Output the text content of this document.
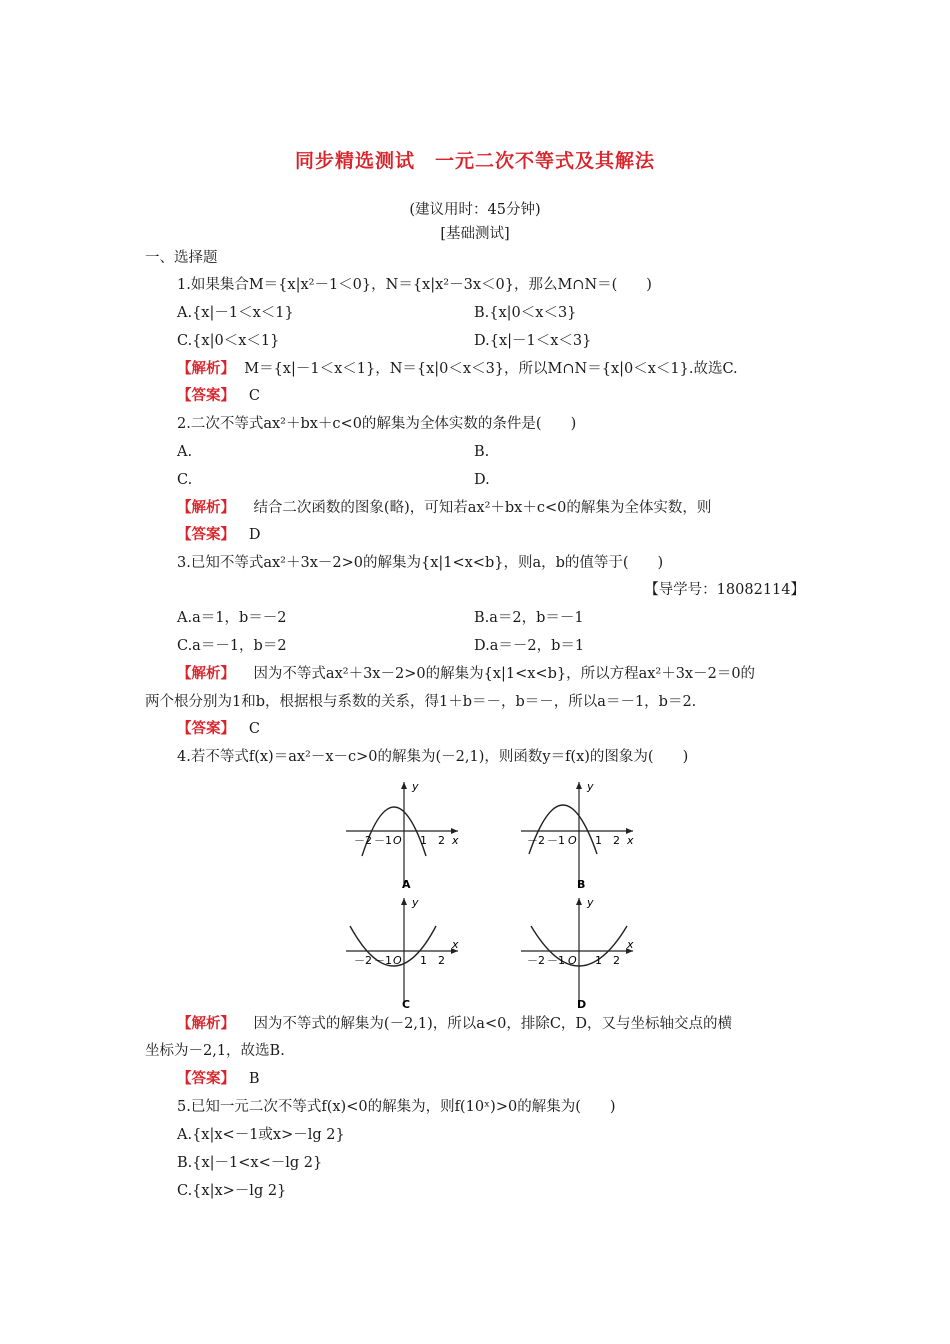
同步精选测试　一元二次不等式及其解法
(建议用时：45分钟)
[基础测试]
一、选择题
1.如果集合M＝{x|x²－1＜0}，N＝{x|x²－3x＜0}，那么M∩N＝(　　)
A.{x|－1＜x＜1}	B.{x|0＜x＜3}
C.{x|0＜x＜1}	D.{x|－1＜x＜3}
【解析】 M＝{x|－1＜x＜1}，N＝{x|0＜x＜3}，所以M∩N＝{x|0＜x＜1}.故选C.
【答案】 C
2.二次不等式ax²＋bx＋c<0的解集为全体实数的条件是(　　)
A.	B.
C.	D.
【解析】 结合二次函数的图象(略)，可知若ax²＋bx＋c<0的解集为全体实数，则
【答案】 D
3.已知不等式ax²＋3x－2>0的解集为{x|1<x<b}，则a，b的值等于(　　)
【导学号：18082114】
A.a＝1，b＝－2	B.a＝2，b＝－1
C.a＝－1，b＝2	D.a＝－2，b＝1
【解析】 因为不等式ax²＋3x－2>0的解集为{x|1<x<b}，所以方程ax²＋3x－2＝0的
两个根分别为1和b，根据根与系数的关系，得1＋b＝－，b＝－，所以a＝－1，b＝2.
【答案】 C
4.若不等式f(x)＝ax²－x－c>0的解集为(－2,1)，则函数y＝f(x)的图象为(　　)
y
x
－2 －1 O 1 2
A
y
x
－2 －1 O 1 2
B
y
x
－2 －1 O 1 2
C
y
x
－2 －1 O 1 2
D
【解析】 因为不等式的解集为(－2,1)，所以a<0，排除C，D，又与坐标轴交点的横
坐标为－2,1，故选B.
【答案】 B
5.已知一元二次不等式f(x)<0的解集为，则f(10ˣ)>0的解集为(　　)
A.{x|x<－1或x>－lg 2}
B.{x|－1<x<－lg 2}
C.{x|x>－lg 2}
